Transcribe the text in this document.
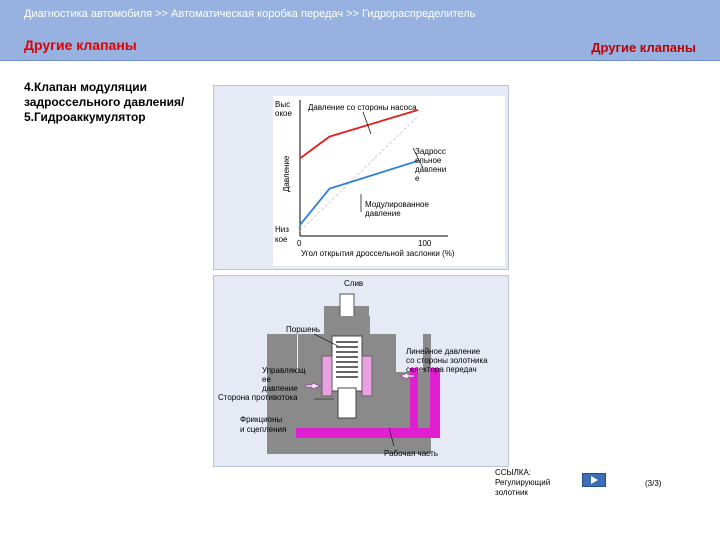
Диагностика автомобиля >> Автоматическая коробка передач >> Гидрораспределитель
Другие клапаны	Другие клапаны
4.Клапан модуляции
задроссельного давления/
5.Гидроаккумулятор
Выс
окое
Низ
кое
Давление
Давление со стороны насоса
Задросс
ельное
давлени
е
Модулированное
давление
0	100
Угол открытия дроссельной заслонки (%)
Слив
Поршень
Управляющ
ее
давление
Сторона противотока
Линейное давление
со стороны золотника
селектора передач
Фрикционы
и сцепления
Рабочая часть
ССЫЛКА:
Регулирующий
золотник
(3/3)
